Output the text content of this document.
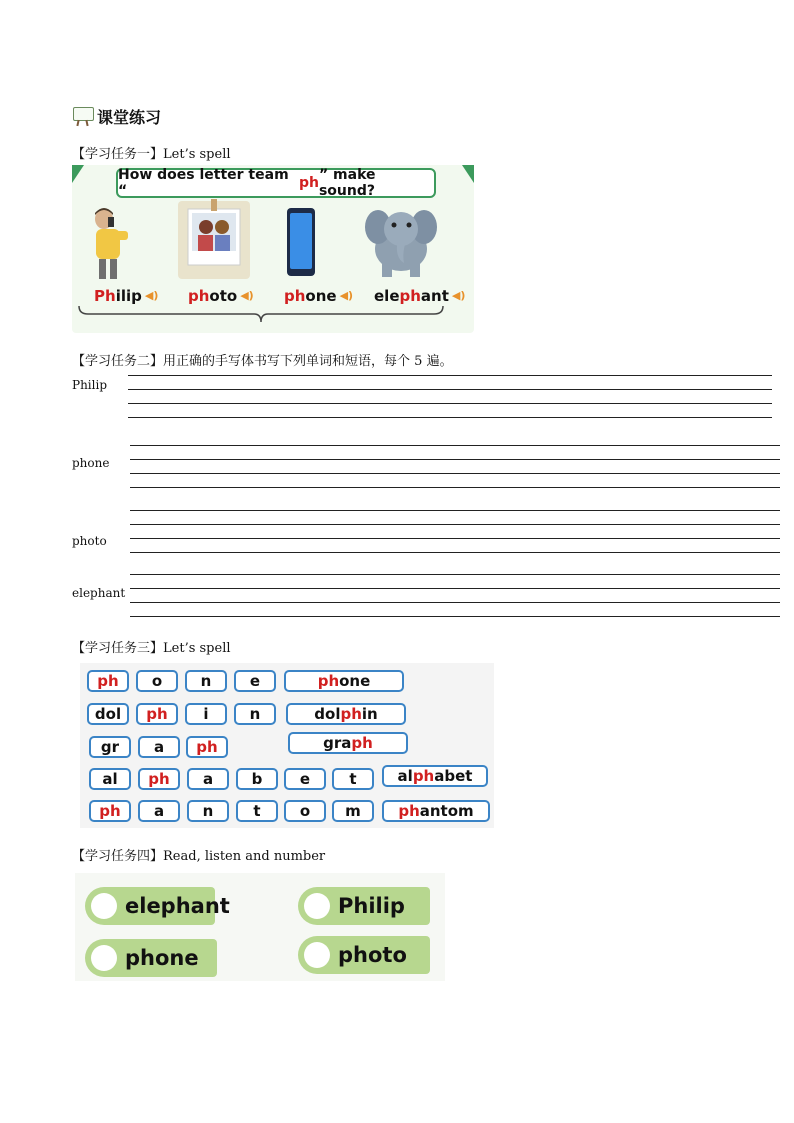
课堂练习
【学习任务一】Let’s spell
How does letter team “	ph ” make sound?
Ph ilip ◀) ph oto ◀) ph one ◀) ele ph ant ◀)
【学习任务二】用正确的手写体书写下列单词和短语，每个 5 遍。
Philip
phone
photo
elephant
【学习任务三】Let’s spell
ph	o	n	e	ph one
dol	ph	i	n	dol ph in
gr	a	ph	gra ph
al	ph	a	b	e	t	al ph abet
ph	a	n	t	o	m	ph antom
【学习任务四】Read, listen and number
elephant	Philip
phone	photo
